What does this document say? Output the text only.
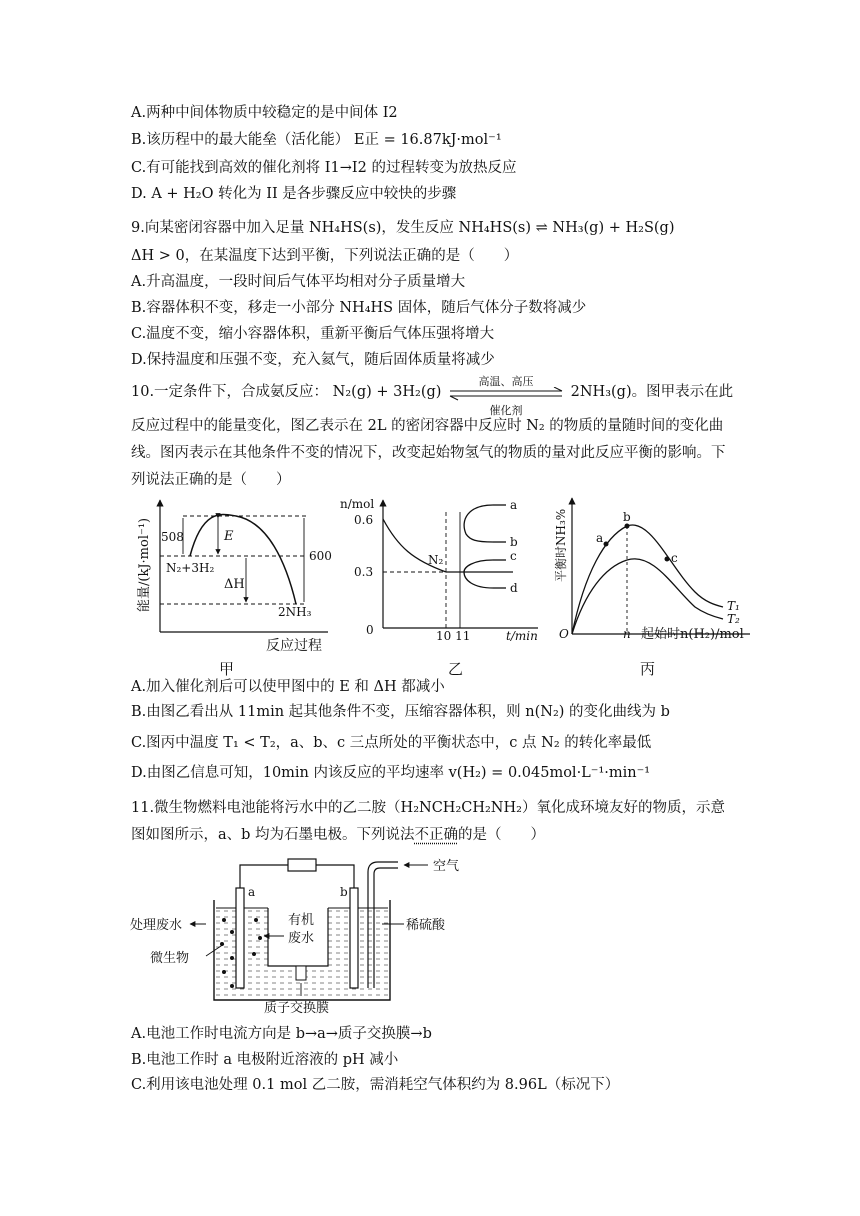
A.两种中间体物质中较稳定的是中间体 I2
B.该历程中的最大能垒（活化能） E正 = 16.87kJ·mol⁻¹
C.有可能找到高效的催化剂将 I1→I2 的过程转变为放热反应
D. A + H₂O 转化为 II 是各步骤反应中较快的步骤
9.向某密闭容器中加入足量 NH₄HS(s)，发生反应 NH₄HS(s) ⇌ NH₃(g) + H₂S(g)
ΔH > 0，在某温度下达到平衡，下列说法正确的是（　　）
A.升高温度，一段时间后气体平均相对分子质量增大
B.容器体积不变，移走一小部分 NH₄HS 固体，随后气体分子数将减少
C.温度不变，缩小容器体积，重新平衡后气体压强将增大
D.保持温度和压强不变，充入氦气，随后固体质量将减少
10.一定条件下，合成氨反应： N₂(g) + 3H₂(g)
高温、高压
催化剂
2NH₃(g)。图甲表示在此
反应过程中的能量变化，图乙表示在 2L 的密闭容器中反应时 N₂ 的物质的量随时间的变化曲线。图丙表示在其他条件不变的情况下，改变起始物氢气的物质的量对此反应平衡的影响。下列说法正确的是（　　）
508	E
600
N₂+3H₂
ΔH
2NH₃
能量/(kJ·mol⁻¹)
反应过程
甲
n/mol
0.6
0.3
0	10 11	t/min
N₂
a
b
c
d
乙
平衡时NH₃%
O	n 起始时n(H₂)/mol
a
b
c
T₁
T₂
丙
A.加入催化剂后可以使甲图中的 E 和 ΔH 都减小
B.由图乙看出从 11min 起其他条件不变，压缩容器体积，则 n(N₂) 的变化曲线为 b
C.图丙中温度 T₁ < T₂，a、b、c 三点所处的平衡状态中，c 点 N₂ 的转化率最低
D.由图乙信息可知，10min 内该反应的平均速率 v(H₂) = 0.045mol·L⁻¹·min⁻¹
11.微生物燃料电池能将污水中的乙二胺（H₂NCH₂CH₂NH₂）氧化成环境友好的物质，示意图如图所示，a、b 均为石墨电极。下列说法不正确的是（　　）
a	b
空气
质子交换膜
处理废水
微生物
有机
废水
稀硫酸
A.电池工作时电流方向是 b→a→质子交换膜→b
B.电池工作时 a 电极附近溶液的 pH 减小
C.利用该电池处理 0.1 mol 乙二胺，需消耗空气体积约为 8.96L（标况下）
